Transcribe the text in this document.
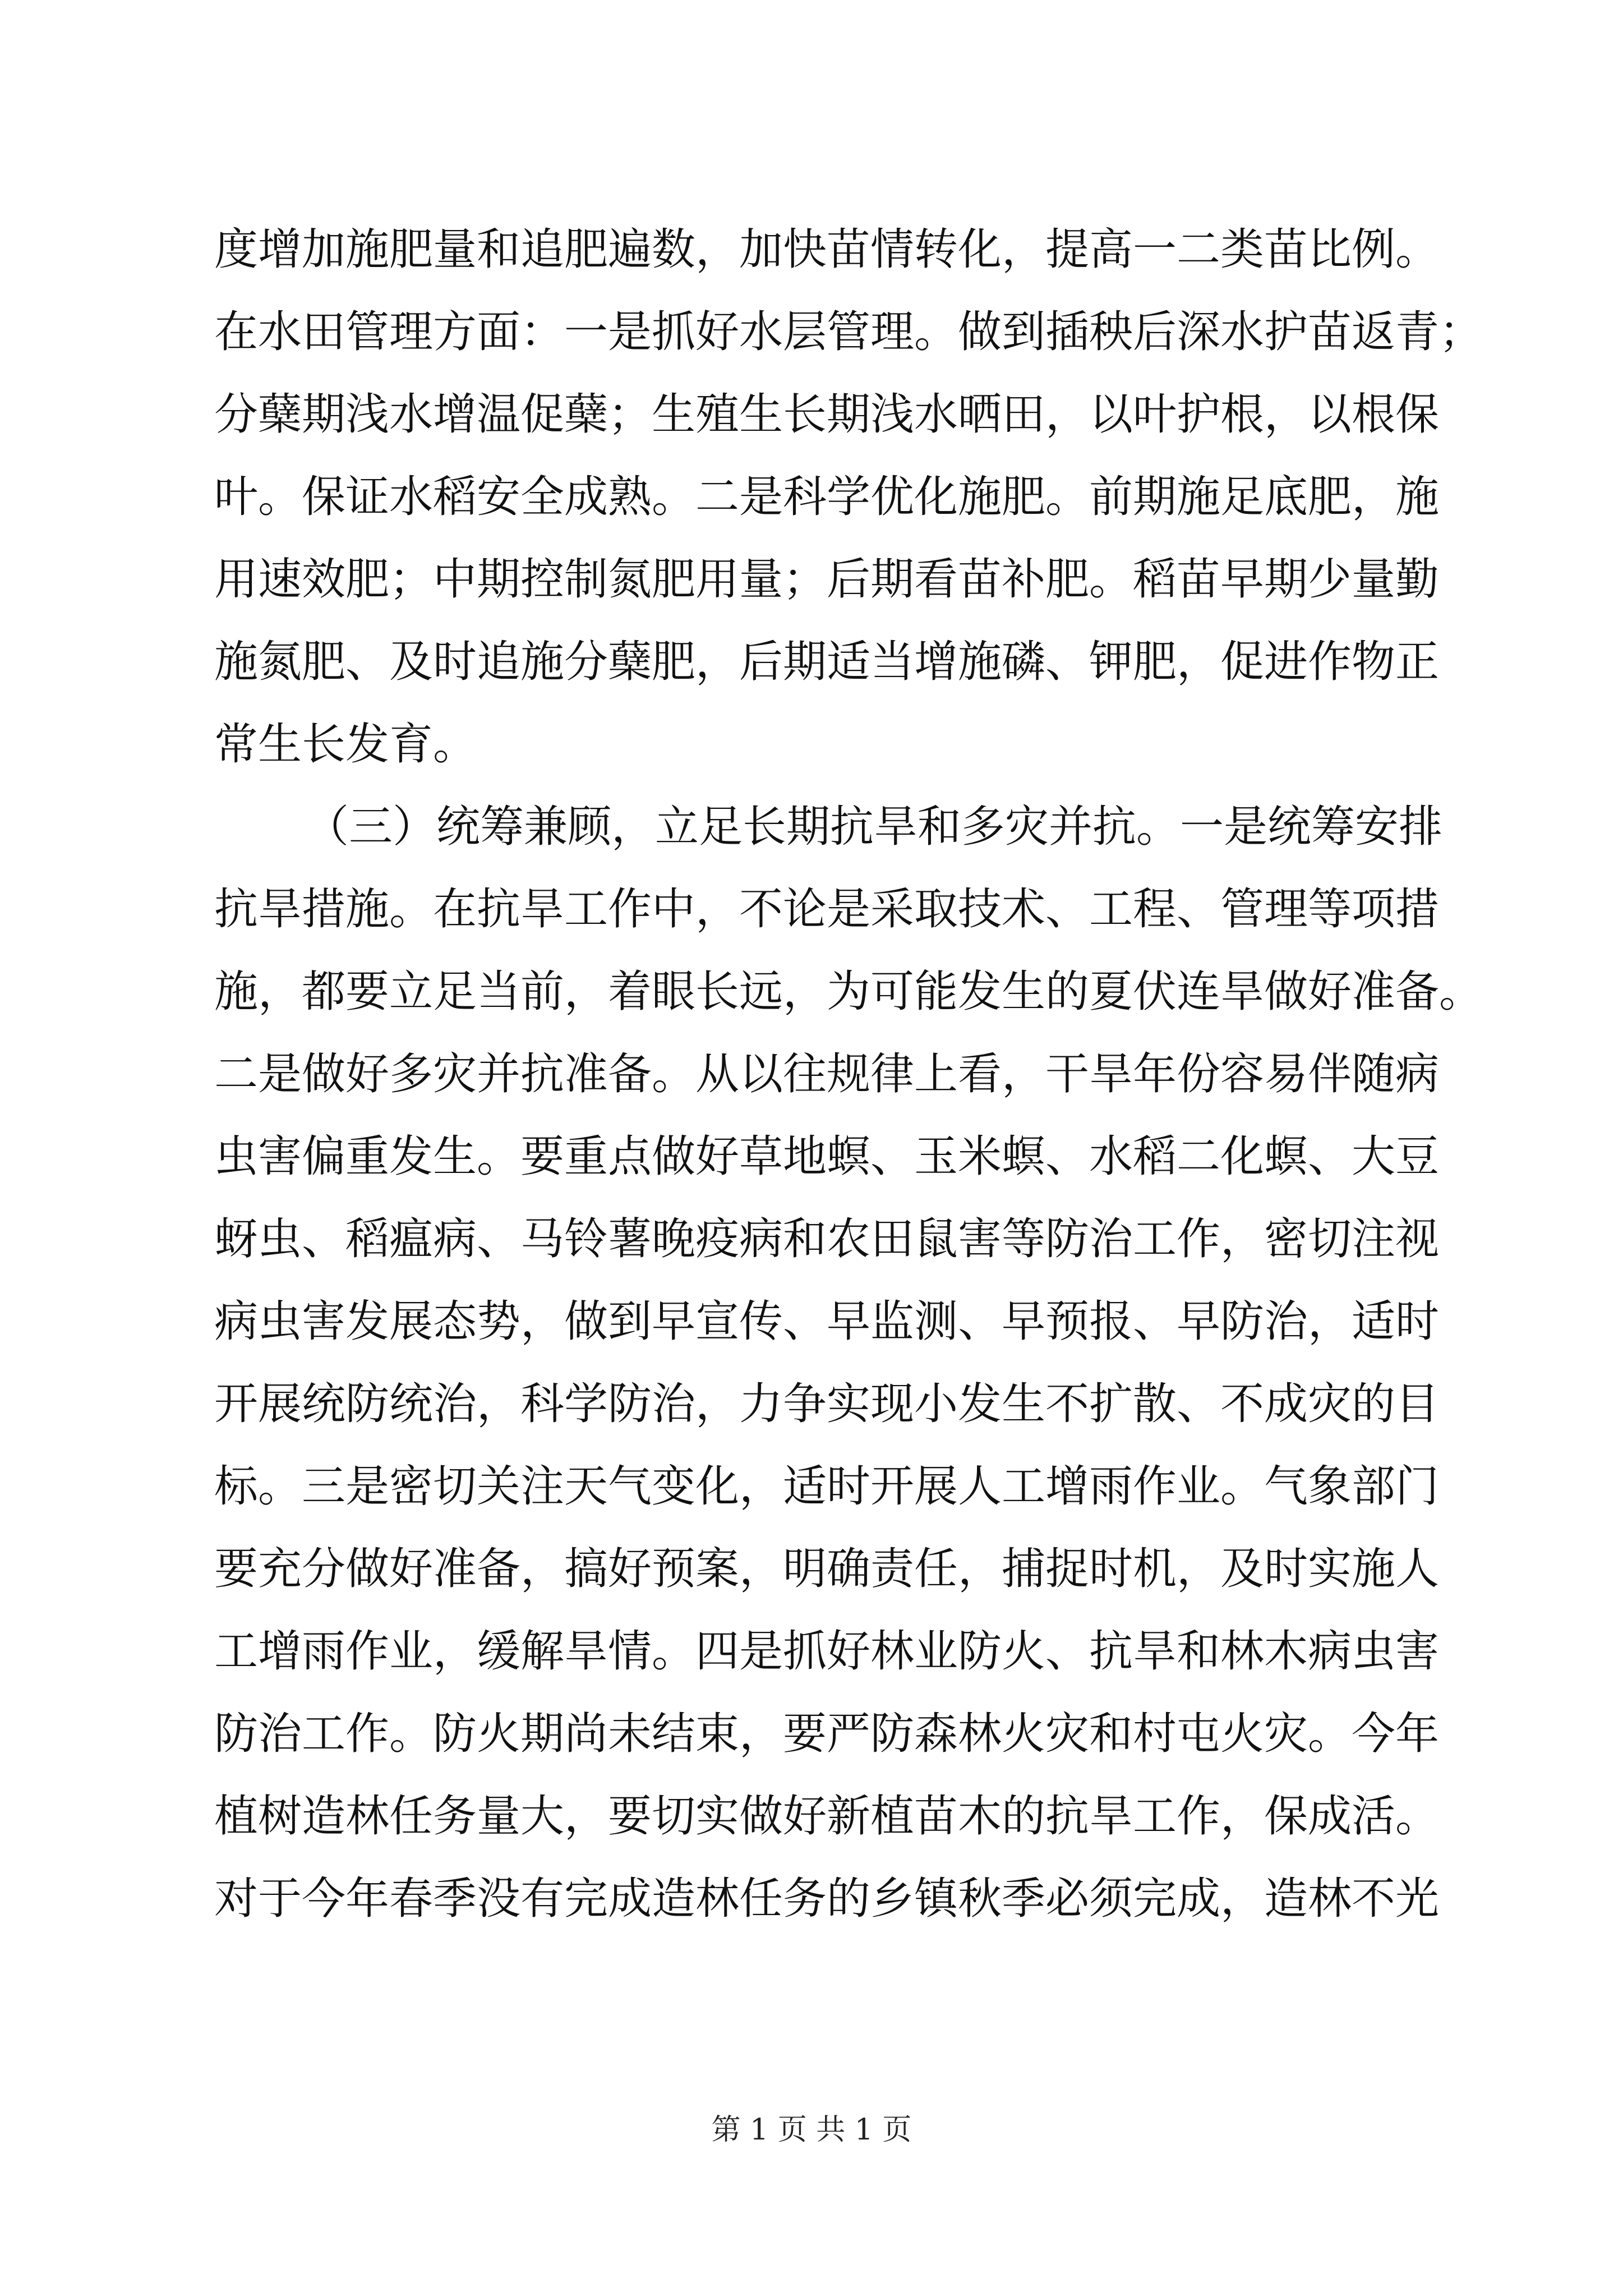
度增加施肥量和追肥遍数，加快苗情转化，提高一二类苗比例。
在水田管理方面：一是抓好水层管理。做到插秧后深水护苗返青；
分蘖期浅水增温促蘖；生殖生长期浅水晒田，以叶护根，以根保
叶。保证水稻安全成熟。二是科学优化施肥。前期施足底肥，施
用速效肥；中期控制氮肥用量；后期看苗补肥。稻苗早期少量勤
施氮肥、及时追施分蘖肥，后期适当增施磷、钾肥，促进作物正
常生长发育。
（三）统筹兼顾，立足长期抗旱和多灾并抗。一是统筹安排
抗旱措施。在抗旱工作中，不论是采取技术、工程、管理等项措
施，都要立足当前，着眼长远，为可能发生的夏伏连旱做好准备。
二是做好多灾并抗准备。从以往规律上看，干旱年份容易伴随病
虫害偏重发生。要重点做好草地螟、玉米螟、水稻二化螟、大豆
蚜虫、稻瘟病、马铃薯晚疫病和农田鼠害等防治工作，密切注视
病虫害发展态势，做到早宣传、早监测、早预报、早防治，适时
开展统防统治，科学防治，力争实现小发生不扩散、不成灾的目
标。三是密切关注天气变化，适时开展人工增雨作业。气象部门
要充分做好准备，搞好预案，明确责任，捕捉时机，及时实施人
工增雨作业，缓解旱情。四是抓好林业防火、抗旱和林木病虫害
防治工作。防火期尚未结束，要严防森林火灾和村屯火灾。今年
植树造林任务量大，要切实做好新植苗木的抗旱工作，保成活。
对于今年春季没有完成造林任务的乡镇秋季必须完成，造林不光
第 1 页 共 1 页
